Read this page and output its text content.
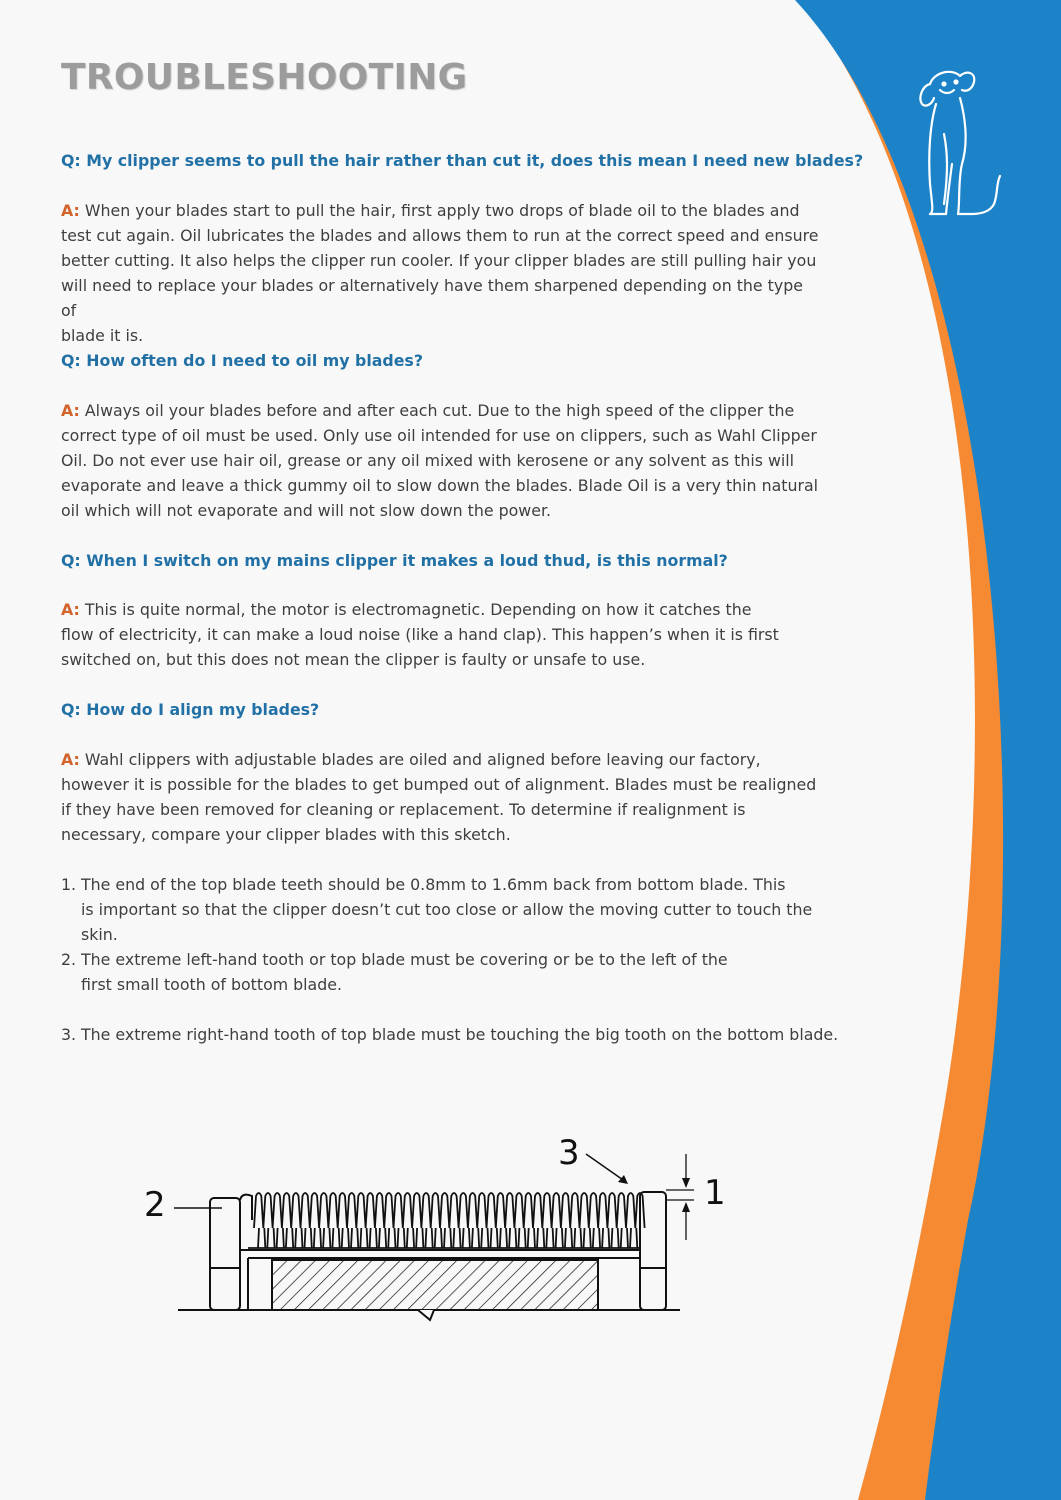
TROUBLESHOOTING

Q: My clipper seems to pull the hair rather than cut it, does this mean I need new blades?

A: When your blades start to pull the hair, first apply two drops of blade oil to the blades and
test cut again. Oil lubricates the blades and allows them to run at the correct speed and ensure
better cutting. It also helps the clipper run cooler. If your clipper blades are still pulling hair you
will need to replace your blades or alternatively have them sharpened depending on the type of
blade it is.

Q: How often do I need to oil my blades?

A: Always oil your blades before and after each cut. Due to the high speed of the clipper the
correct type of oil must be used. Only use oil intended for use on clippers, such as Wahl Clipper
Oil. Do not ever use hair oil, grease or any oil mixed with kerosene or any solvent as this will
evaporate and leave a thick gummy oil to slow down the blades. Blade Oil is a very thin natural
oil which will not evaporate and will not slow down the power.

Q: When I switch on my mains clipper it makes a loud thud, is this normal?

A: This is quite normal, the motor is electromagnetic. Depending on how it catches the
flow of electricity, it can make a loud noise (like a hand clap). This happen’s when it is first
switched on, but this does not mean the clipper is faulty or unsafe to use.

Q: How do I align my blades?

A: Wahl clippers with adjustable blades are oiled and aligned before leaving our factory,
however it is possible for the blades to get bumped out of alignment. Blades must be realigned
if they have been removed for cleaning or replacement. To determine if realignment is
necessary, compare your clipper blades with this sketch.

1. The end of the top blade teeth should be 0.8mm to 1.6mm back from bottom blade. This
is important so that the clipper doesn’t cut too close or allow the moving cutter to touch the skin.
2. The extreme left-hand tooth or top blade must be covering or be to the left of the
first small tooth of bottom blade.
3. The extreme right-hand tooth of top blade must be touching the big tooth on the bottom blade.
2
3
1
